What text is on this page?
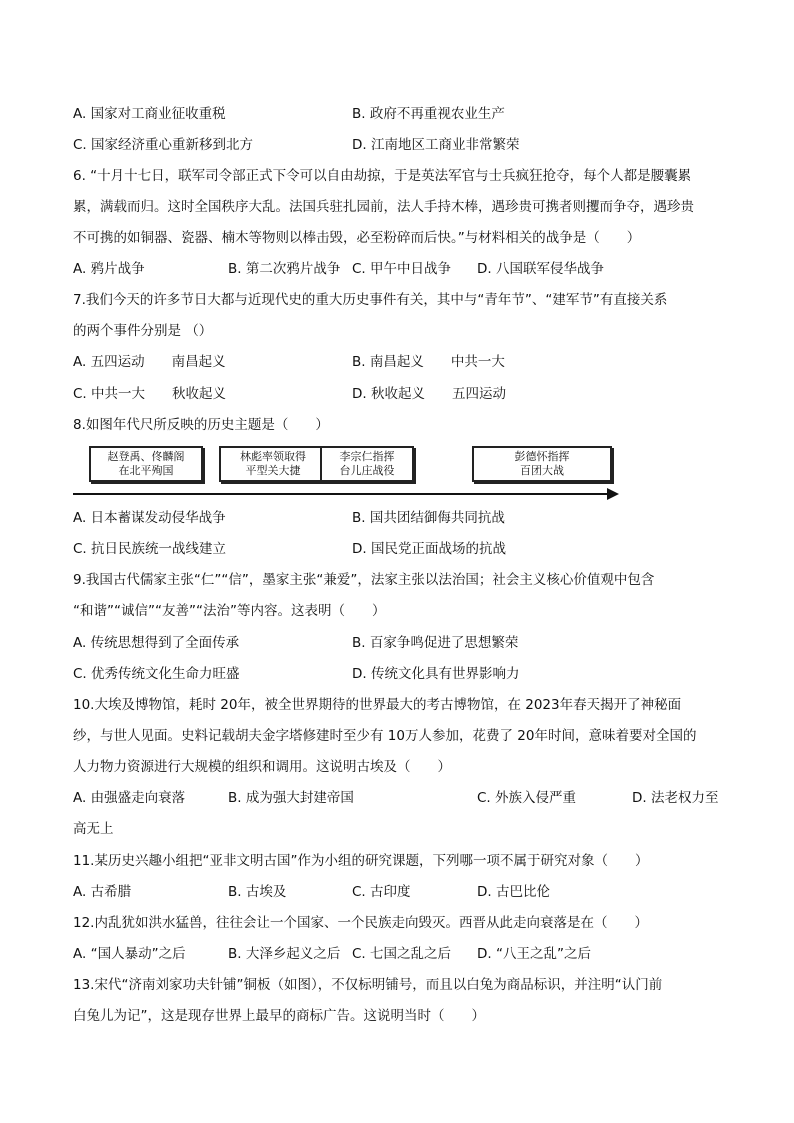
A. 国家对工商业征收重税	B. 政府不再重视农业生产
C. 国家经济重心重新移到北方	D. 江南地区工商业非常繁荣
6. “十月十七日，联军司令部正式下令可以自由劫掠，于是英法军官与士兵疯狂抢夺，每个人都是腰囊累
累，满载而归。这时全国秩序大乱。法国兵驻扎园前，法人手持木棒，遇珍贵可携者则攫而争夺，遇珍贵
不可携的如铜器、瓷器、楠木等物则以棒击毁，必至粉碎而后快。”与材料相关的战争是（　　）
A. 鸦片战争	B. 第二次鸦片战争 C. 甲午中日战争 D. 八国联军侵华战争
7.我们今天的许多节日大都与近现代史的重大历史事件有关，其中与“青年节”、“建军节”有直接关系
的两个事件分别是 （）
A. 五四运动　　南昌起义	B. 南昌起义　　中共一大
C. 中共一大　　秋收起义	D. 秋收起义　　五四运动
8.如图年代尺所反映的历史主题是（　　）
赵登禹、佟麟阁
在北平殉国
林彪率领取得
平型关大捷
李宗仁指挥
台儿庄战役
彭德怀指挥
百团大战
A. 日本蓄谋发动侵华战争	B. 国共团结御侮共同抗战
C. 抗日民族统一战线建立	D. 国民党正面战场的抗战
9.我国古代儒家主张“仁”“信”，墨家主张“兼爱”，法家主张以法治国；社会主义核心价值观中包含
“和谐”“诚信”“友善”“法治”等内容。这表明（　　）
A. 传统思想得到了全面传承	B. 百家争鸣促进了思想繁荣
C. 优秀传统文化生命力旺盛	D. 传统文化具有世界影响力
10.大埃及博物馆，耗时 20年，被全世界期待的世界最大的考古博物馆，在 2023年春天揭开了神秘面
纱，与世人见面。史料记载胡夫金字塔修建时至少有 10万人参加，花费了 20年时间，意味着要对全国的
人力物力资源进行大规模的组织和调用。这说明古埃及（　　）
A. 由强盛走向衰落	B. 成为强大封建帝国	C. 外族入侵严重	D. 法老权力至
高无上
11.某历史兴趣小组把“亚非文明古国”作为小组的研究课题，下列哪一项不属于研究对象（　　）
A. 古希腊	B. 古埃及	C. 古印度	D. 古巴比伦
12.内乱犹如洪水猛兽，往往会让一个国家、一个民族走向毁灭。西晋从此走向衰落是在（　　）
A. “国人暴动”之后	B. 大泽乡起义之后 C. 七国之乱之后 D. “八王之乱”之后
13.宋代“济南刘家功夫针铺”铜板（如图），不仅标明铺号，而且以白兔为商品标识，并注明“认门前
白兔儿为记”，这是现存世界上最早的商标广告。这说明当时（　　）
